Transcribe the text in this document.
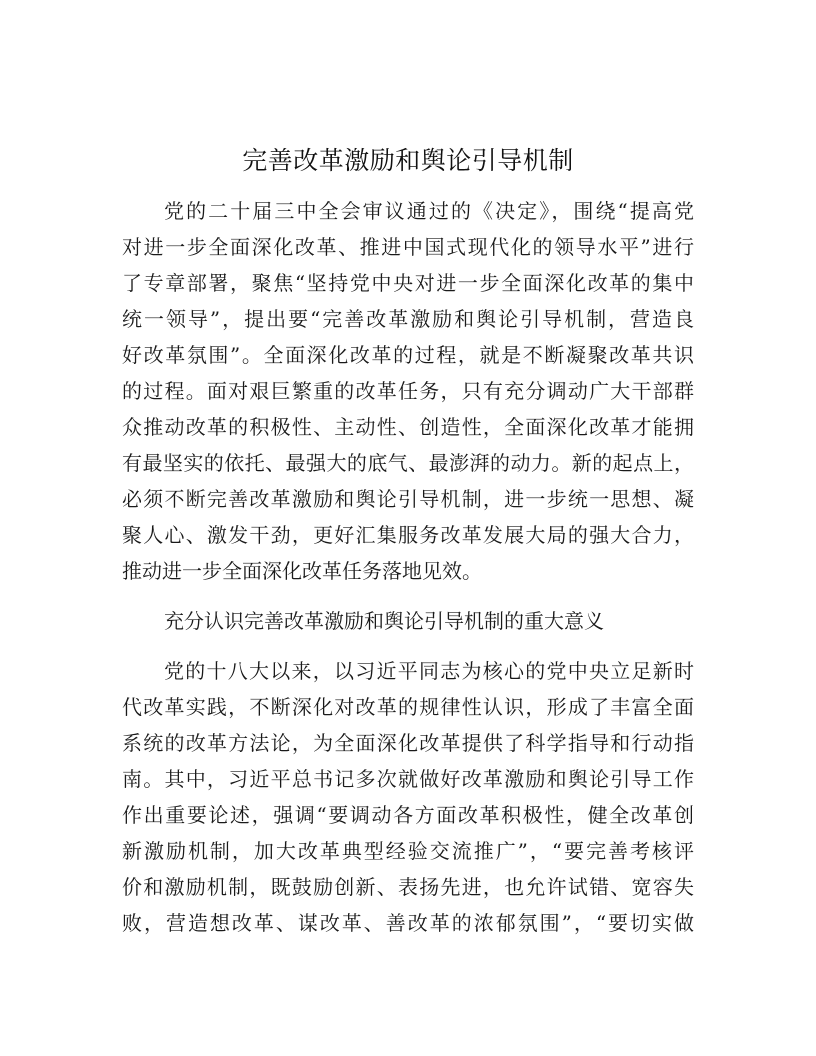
完善改革激励和舆论引导机制
党的二十届三中全会审议通过的《决定》，围绕“提高党
对进一步全面深化改革、推进中国式现代化的领导水平”进行
了专章部署，聚焦“坚持党中央对进一步全面深化改革的集中
统一领导”，提出要“完善改革激励和舆论引导机制，营造良
好改革氛围”。全面深化改革的过程，就是不断凝聚改革共识
的过程。面对艰巨繁重的改革任务，只有充分调动广大干部群
众推动改革的积极性、主动性、创造性，全面深化改革才能拥
有最坚实的依托、最强大的底气、最澎湃的动力。新的起点上，
必须不断完善改革激励和舆论引导机制，进一步统一思想、凝
聚人心、激发干劲，更好汇集服务改革发展大局的强大合力，
推动进一步全面深化改革任务落地见效。
充分认识完善改革激励和舆论引导机制的重大意义
党的十八大以来，以习近平同志为核心的党中央立足新时
代改革实践，不断深化对改革的规律性认识，形成了丰富全面
系统的改革方法论，为全面深化改革提供了科学指导和行动指
南。其中，习近平总书记多次就做好改革激励和舆论引导工作
作出重要论述，强调“要调动各方面改革积极性，健全改革创
新激励机制，加大改革典型经验交流推广”，“要完善考核评
价和激励机制，既鼓励创新、表扬先进，也允许试错、宽容失
败，营造想改革、谋改革、善改革的浓郁氛围”，“要切实做
